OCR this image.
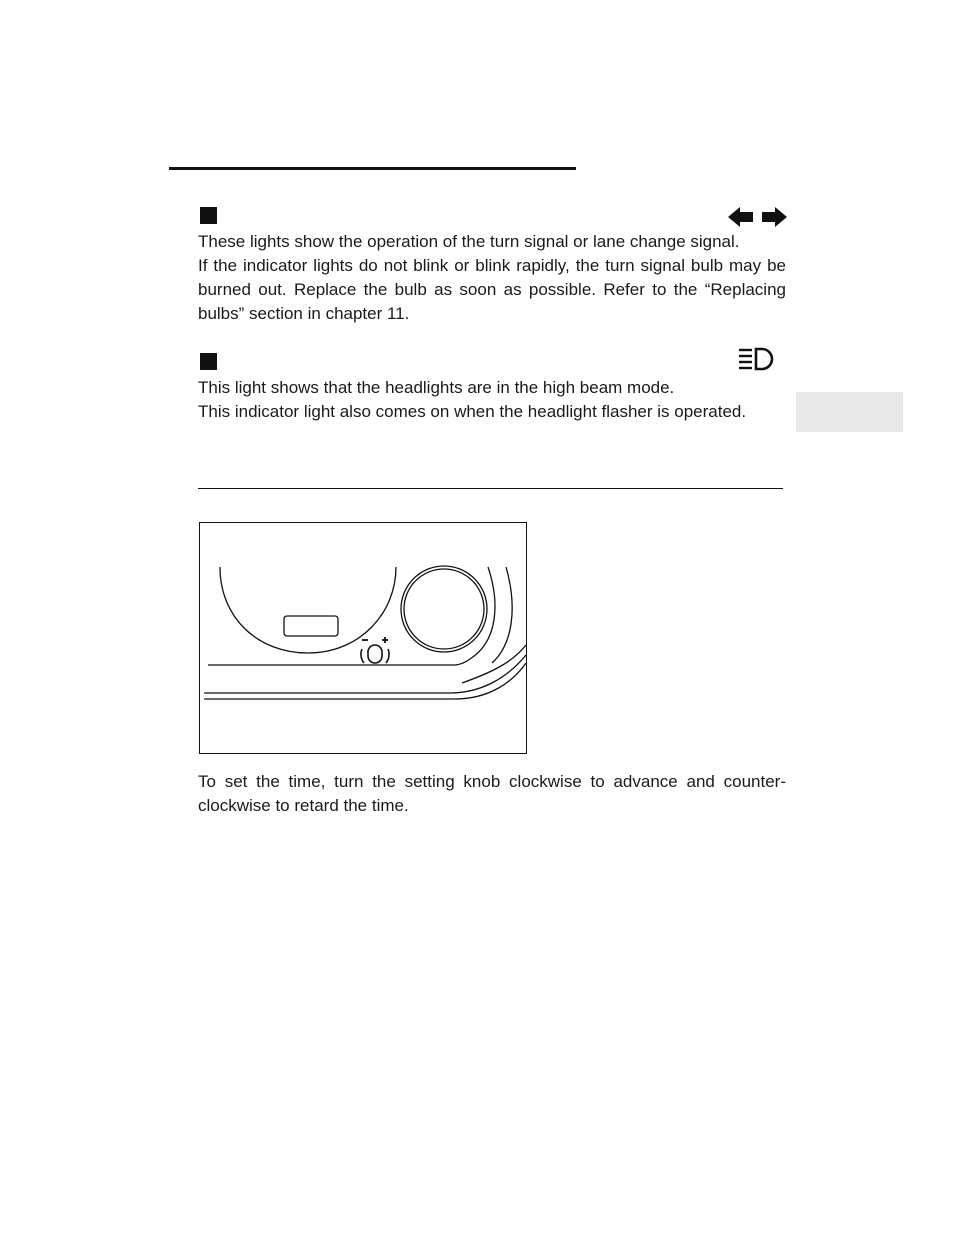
These lights show the operation of the turn signal or lane change signal.
If the indicator lights do not blink or blink rapidly, the turn signal bulb may be burned out. Replace the bulb as soon as possible. Refer to the “Replacing bulbs” section in chapter 11.

This light shows that the headlights are in the high beam mode.
This indicator light also comes on when the headlight flasher is operated.

To set the time, turn the setting knob clockwise to advance and counter-clockwise to retard the time.
